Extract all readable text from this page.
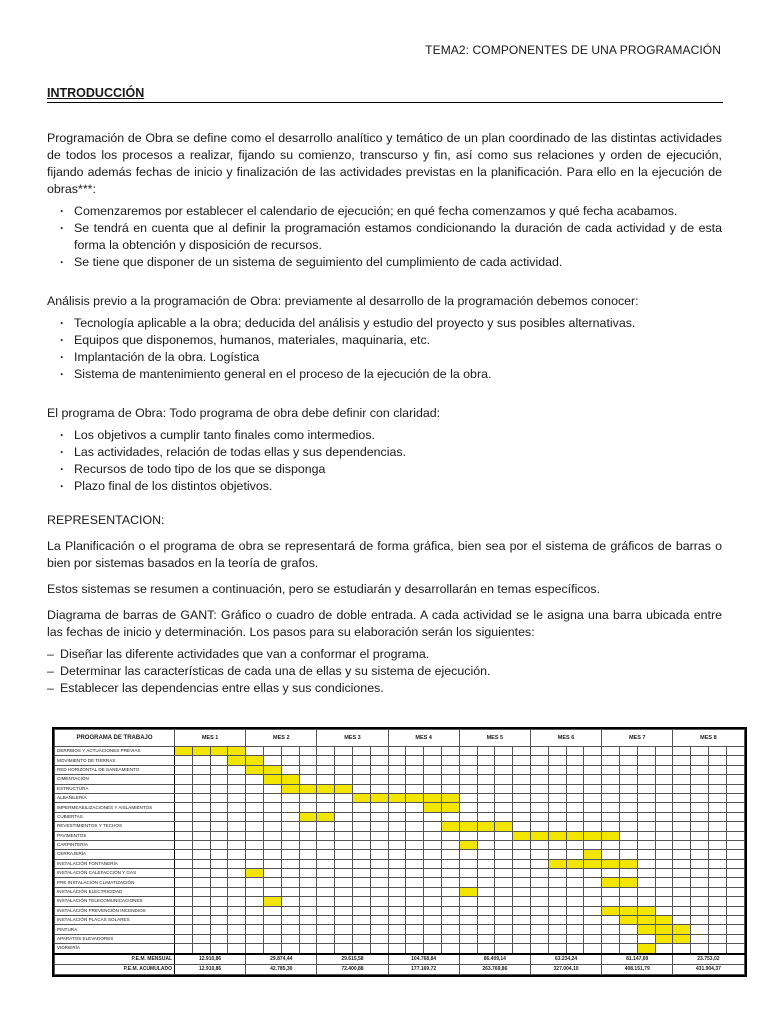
TEMA2: COMPONENTES DE UNA PROGRAMACIÓN
INTRODUCCIÓN

Programación de Obra se define como el desarrollo analítico y temático de un plan coordinado de las distintas actividades de todos los procesos a realizar, fijando su comienzo, transcurso y fin, así como sus relaciones y orden de ejecución, fijando además fechas de inicio y finalización de las actividades previstas en la planificación. Para ello en la ejecución de obras***:

· Comenzaremos por establecer el calendario de ejecución; en qué fecha comenzamos y qué fecha acabamos.
· Se tendrá en cuenta que al definir la programación estamos condicionando la duración de cada actividad y de esta forma la obtención y disposición de recursos.
· Se tiene que disponer de un sistema de seguimiento del cumplimiento de cada actividad.

Análisis previo a la programación de Obra: previamente al desarrollo de la programación debemos conocer:

· Tecnología aplicable a la obra; deducida del análisis y estudio del proyecto y sus posibles alternativas.
· Equipos que disponemos, humanos, materiales, maquinaria, etc.
· Implantación de la obra. Logística
· Sistema de mantenimiento general en el proceso de la ejecución de la obra.

El programa de Obra: Todo programa de obra debe definir con claridad:

· Los objetivos a cumplir tanto finales como intermedios.
· Las actividades, relación de todas ellas y sus dependencias.
· Recursos de todo tipo de los que se disponga
· Plazo final de los distintos objetivos.

REPRESENTACION:

La Planificación o el programa de obra se representará de forma gráfica, bien sea por el sistema de gráficos de barras o bien por sistemas basados en la teoría de grafos.

Estos sistemas se resumen a continuación, pero se estudiarán y desarrollarán en temas específicos.

Diagrama de barras de GANT: Gráfico o cuadro de doble entrada. A cada actividad se le asigna una barra ubicada entre las fechas de inicio y determinación. Los pasos para su elaboración serán los siguientes:

– Diseñar las diferente actividades que van a conformar el programa.
– Determinar las características de cada una de ellas y su sistema de ejecución.
– Establecer las dependencias entre ellas y sus condiciones.
PROGRAMA DE TRABAJO	MES 1				MES 2				MES 3				MES 4				MES 5				MES 6				MES 7				MES 8			
DERRIBOS Y ACTUACIONES PREVIAS																																
MOVIMIENTO DE TIERRAS																																
RED HORIZONTAL DE SANEAMIENTO																																
CIMENTACIÓN																																
ESTRUCTURA																																
ALBAÑILERÍA																																
IMPERMEABILIZACIONES Y AISLAMIENTOS																																
CUBIERTAS																																
REVESTIMIENTOS Y TECHOS																																
PAVIMENTOS																																
CARPINTERÍA																																
CERRAJERÍA																																
INSTALACIÓN FONTANERÍA																																
INSTALACIÓN CALEFACCIÓN Y GAS																																
PRE INSTALACIÓN CLIMATIZACIÓN																																
INSTALACIÓN ELECTRICIDAD																																
INSTALACIÓN TELECOMUNICACIONES																																
INSTALACIÓN PREVENCIÓN INCENDIOS																																
INSTALACIÓN PLACAS SOLARES																																
PINTURA																																
APARATOS ELEVADORES																																
VIDRIERÍA																																
P.E.M. MENSUAL	12.910,86				29.874,44				29.615,58				104.768,84				86.409,14				63.234,24				81.147,69				23.753,02			
P.E.M. ACUMULADO	12.910,86				42.785,30				72.400,88				177.169,72				263.769,86				327.004,10				408.151,79				431.904,37			
